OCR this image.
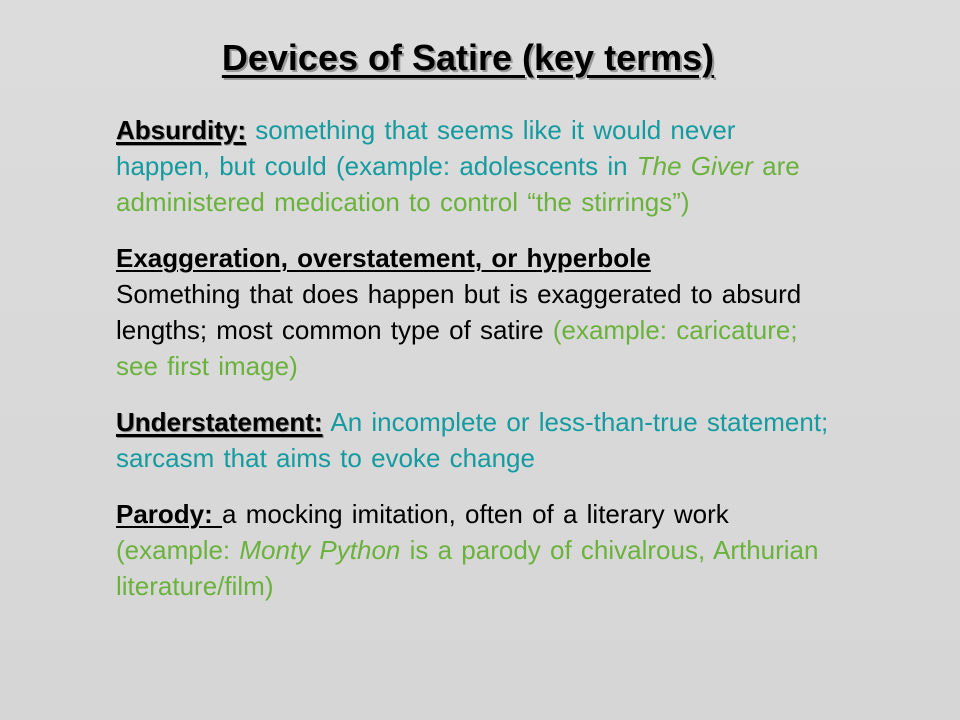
Devices of Satire (key terms)

Absurdity: something that seems like it would never happen, but could (example: adolescents in The Giver are administered medication to control “the stirrings”)

Exaggeration, overstatement, or hyperbole
Something that does happen but is exaggerated to absurd lengths; most common type of satire (example: caricature; see first image)

Understatement: An incomplete or less-than-true statement; sarcasm that aims to evoke change

Parody: a mocking imitation, often of a literary work (example: Monty Python is a parody of chivalrous, Arthurian literature/film)
